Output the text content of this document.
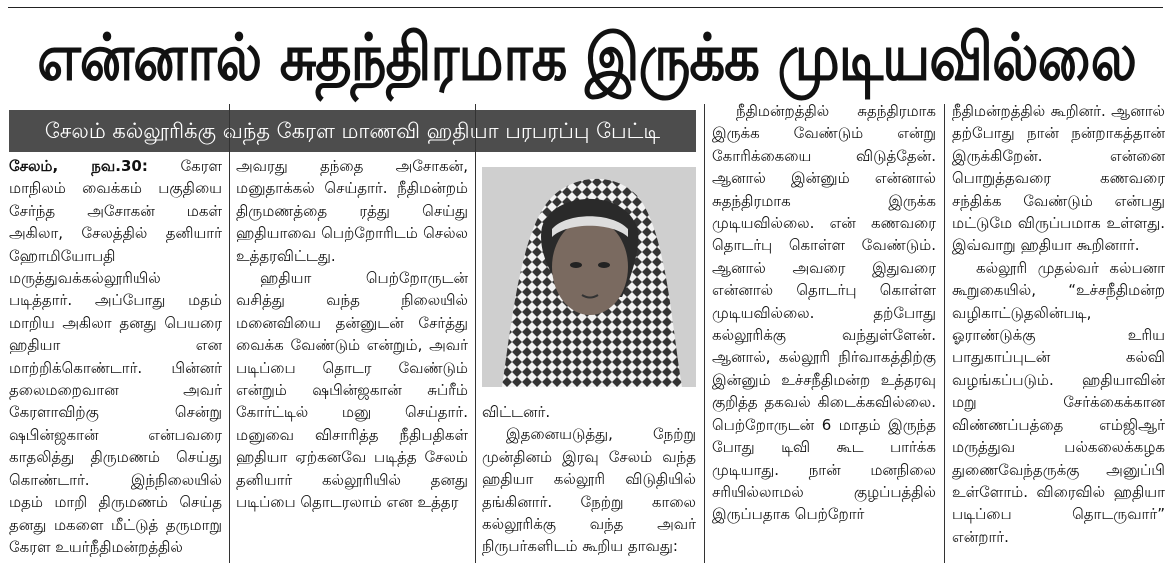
என்னால் சுதந்திரமாக இருக்க முடியவில்லை
சேலம் கல்லூரிக்கு வந்த கேரள மாணவி ஹதியா பரபரப்பு பேட்டி

சேலம், நவ.30: கேரள மாநிலம் வைக்கம் பகுதியை சேர்ந்த அசோகன் மகள் அகிலா, சேலத்தில் தனியார் ஹோமியோபதி மருத்துவக்கல்லூரியில் படித்தார். அப்போது மதம் மாறிய அகிலா தனது பெயரை ஹதியா என மாற்றிக்கொண்டார். பின்னர் தலைமறைவான அவர் கேரளாவிற்கு சென்று ஷபின்ஜகான் என்பவரை காதலித்து திருமணம் செய்து கொண்டார். இந்நிலையில் மதம் மாறி திருமணம் செய்த தனது மகளை மீட்டுத் தருமாறு கேரள உயர்நீதிமன்றத்தில்

அவரது தந்தை அசோகன், மனுதாக்கல் செய்தார். நீதிமன்றம் திருமணத்தை ரத்து செய்து ஹதியாவை பெற்றோரிடம் செல்ல உத்தரவிட்டது.

ஹதியா பெற்றோருடன் வசித்து வந்த நிலையில் மனைவியை தன்னுடன் சேர்த்து வைக்க வேண்டும் என்றும், அவர் படிப்பை தொடர வேண்டும் என்றும் ஷபின்ஜகான் சுப்ரீம் கோர்ட்டில் மனு செய்தார். மனுவை விசாரித்த நீதிபதிகள் ஹதியா ஏற்கனவே படித்த சேலம் தனியார் கல்லூரியில் தனது படிப்பை தொடரலாம் என உத்தர

விட்டனர்.

இதனையடுத்து, நேற்று முன்தினம் இரவு சேலம் வந்த ஹதியா கல்லூரி விடுதியில் தங்கினார். நேற்று காலை கல்லூரிக்கு வந்த அவர் நிருபர்களிடம் கூறிய தாவது:

நீதிமன்றத்தில் சுதந்திரமாக இருக்க வேண்டும் என்று கோரிக்கையை விடுத்தேன். ஆனால் இன்னும் என்னால் சுதந்திரமாக இருக்க முடியவில்லை. என் கணவரை தொடர்பு கொள்ள வேண்டும். ஆனால் அவரை இதுவரை என்னால் தொடர்பு கொள்ள முடியவில்லை. தற்போது கல்லூரிக்கு வந்துள்ளேன். ஆனால், கல்லூரி நிர்வாகத்திற்கு இன்னும் உச்சநீதிமன்ற உத்தரவு குறித்த தகவல் கிடைக்கவில்லை. பெற்றோருடன் 6 மாதம் இருந்த போது டிவி கூட பார்க்க முடியாது. நான் மனநிலை சரியில்லாமல் குழப்பத்தில் இருப்பதாக பெற்றோர்

நீதிமன்றத்தில் கூறினர். ஆனால் தற்போது நான் நன்றாகத்தான் இருக்கிறேன். என்னை பொறுத்தவரை கணவரை சந்திக்க வேண்டும் என்பது மட்டுமே விருப்பமாக உள்ளது. இவ்வாறு ஹதியா கூறினார்.

கல்லூரி முதல்வர் கல்பனா கூறுகையில், “உச்சநீதிமன்ற வழிகாட்டுதலின்படி, ஓராண்டுக்கு உரிய பாதுகாப்புடன் கல்வி வழங்கப்படும். ஹதியாவின் மறு சேர்க்கைக்கான விண்ணப்பத்தை எம்ஜிஆர் மருத்துவ பல்கலைக்கழக துணைவேந்தருக்கு அனுப்பி உள்ளோம். விரைவில் ஹதியா படிப்பை தொடருவார்” என்றார்.
